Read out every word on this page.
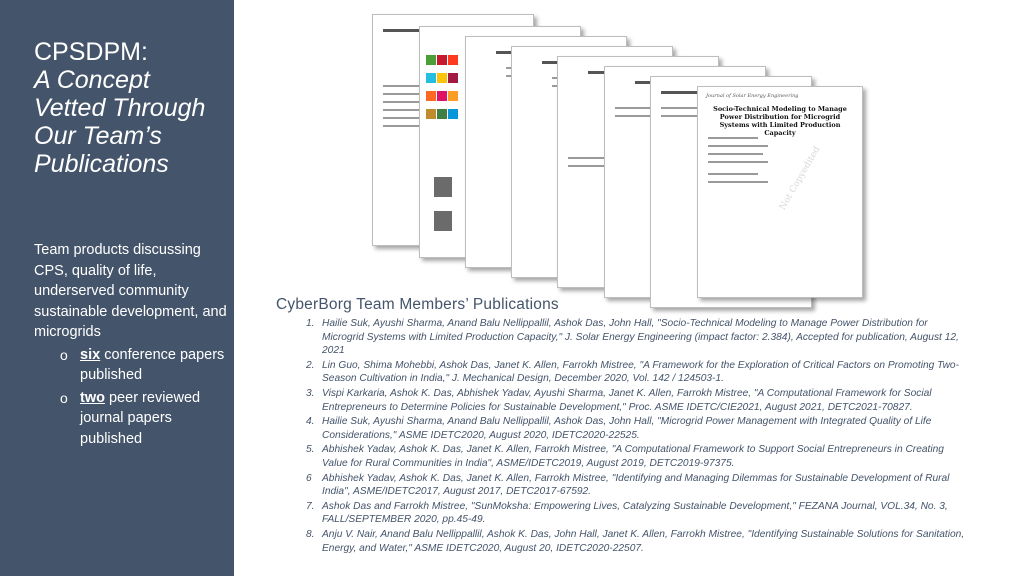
CPSDPM:
A Concept Vetted Through Our Team’s Publications
Team products discussing CPS, quality of life, underserved community sustainable development, and microgrids
o six conference papers published
o two peer reviewed journal papers published

Journal of Solar Energy Engineering
Socio-Technical Modeling to Manage Power Distribution for Microgrid Systems with Limited Production Capacity
Not Copyedited
CyberBorg Team Members’ Publications
1. Hailie Suk, Ayushi Sharma, Anand Balu Nellippallil, Ashok Das, John Hall, "Socio-Technical Modeling to Manage Power Distribution for Microgrid Systems with Limited Production Capacity," J. Solar Energy Engineering (impact factor: 2.384), Accepted for publication, August 12, 2021
2. Lin Guo, Shima Mohebbi, Ashok Das, Janet K. Allen, Farrokh Mistree, "A Framework for the Exploration of Critical Factors on Promoting Two-Season Cultivation in India," J. Mechanical Design, December 2020, Vol. 142 / 124503-1.
3. Vispi Karkaria, Ashok K. Das, Abhishek Yadav, Ayushi Sharma, Janet K. Allen, Farrokh Mistree, "A Computational Framework for Social Entrepreneurs to Determine Policies for Sustainable Development," Proc. ASME IDETC/CIE2021, August 2021, DETC2021-70827.
4. Hailie Suk, Ayushi Sharma, Anand Balu Nellippallil, Ashok Das, John Hall, "Microgrid Power Management with Integrated Quality of Life Considerations," ASME IDETC2020, August 2020, IDETC2020-22525.
5. Abhishek Yadav, Ashok K. Das, Janet K. Allen, Farrokh Mistree, "A Computational Framework to Support Social Entrepreneurs in Creating Value for Rural Communities in India", ASME/IDETC2019, August 2019, DETC2019-97375.
6 Abhishek Yadav, Ashok K. Das, Janet K. Allen, Farrokh Mistree, "Identifying and Managing Dilemmas for Sustainable Development of Rural India", ASME/IDETC2017, August 2017, DETC2017-67592.
7. Ashok Das and Farrokh Mistree, "SunMoksha: Empowering Lives, Catalyzing Sustainable Development," FEZANA Journal, VOL.34, No. 3, FALL/SEPTEMBER 2020, pp.45-49.
8. Anju V. Nair, Anand Balu Nellippallil, Ashok K. Das, John Hall, Janet K. Allen, Farrokh Mistree, "Identifying Sustainable Solutions for Sanitation, Energy, and Water," ASME IDETC2020, August 20, IDETC2020-22507.
